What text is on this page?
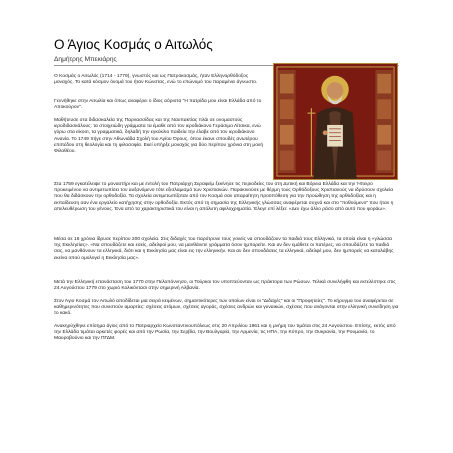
Ο Άγιος Κοσμάς ο Αιτωλός
Δημήτρης Μπεκιάρης

Ο Κοσμάς ο Αιτωλός (1714 - 1779), γνωστός και ως Πατροκοσμάς, ήταν Ελληνορθόδοξος μοναχός. Το κατά κόσμον όνομά του ήταν Κώνστας, ενώ το επώνυμό του παραμένει άγνωστο.

Γεννήθηκε στην Αιτωλία και όπως αναφέρει ο ίδιος αόριστα "Η πατρίδα μου είναι Ελλάδα από το Αποκούρον".

Μαθήτευσε στα διδασκαλεία της Παρνασσίδας και της Ναυπακτίας πλάι σε ονομαστούς ιεροδιδασκάλους: τα στοιχειώδη γράμματα τα έμαθε από τον ιεροδιάκονο Γεράσιμο Λίτσικα, ενώ γύρω στα είκοσι, τα γραμματικά, δηλαδή την εγκύκλιο παιδεία την έλαβε από τον ιεροδιάκονο Ανανία. Το 1749 πήγε στην Αθωνιάδα Σχολή του Αγίου Όρους, όπου έκανε σπουδές ανωτέρου επιπέδου στη θεολογία και τη φιλοσοφία. Εκεί υπήρξε μοναχός για δύο περίπου χρόνια στη μονή Φιλοθέου.

Στα 1759 εγκατέλειψε το μοναστήρι και με εντολή του Πατριάρχη Σεραφείμ ξεκίνησε τις περιοδείες του στη Δυτική και Βόρεια Ελλάδα και την Ήπειρο προκειμένου να αντιμετωπίσει τον αυξανόμενο τότε εξισλαμισμό των Χριστιανών. Παρακινούσε με θέρμη τους Ορθόδοξους Χριστιανούς να ιδρύσουν σχολεία που θα διδάσκουν την ορθοδοξία. Τα σχολεία αντιμετωπίζοταν από τον Κοσμά σαν απαραίτητη προϋπόθεση για την προώθηση της ορθοδοξίας και η εκπαίδευση σαν ένα εργαλείο κατήχησης στην ορθοδοξία. Εκτός από τη σημασία της Ελληνικής γλώσσας αναφέρεται συχνά και στο "ποθούμενο" που ήταν η απελευθέρωση του γένους. Ένα από τα χαρακτηριστικά του είναι η απόλυτη αφιλοχρηματία. Έλεγε επί λέξει: «Δεν έχω άλλο ράσο από αυτό που φοράω».

Μέσα σε 16 χρόνια ίδρυσε περίπου 200 σχολεία. Στις διδαχές του παρότρυνε τους γονείς να σπουδάζουν τα παιδιά τους Ελληνικά, τα οποία είναι η «γλώσσα της Εκκλησίας». «Να σπουδάζετε και εσείς, αδελφοί μου, να μανθάνετε γράμματα όσον ημπορείτε. Και αν δεν εμάθετε οι πατέρες, να σπουδάζετε τα παιδιά σας, να μανθάνουν τα ελληνικά, διότι και η Εκκλησία μας είναι εις την ελληνικήν. Και αν δεν σπουδάσεις τα ελληνικά, αδελφέ μου, δεν ημπορείς να καταλάβης εκείνα οπού ομολογεί η Εκκλησία μας».

Μετά την Ελληνική επανάσταση του 1770 στην Πελοπόννησο, οι Τούρκοι τον υποπτεύονταν ως πράκτορα των Ρώσων. Τελικά συνελήφθη και εκτελέστηκε στις 24 Αυγούστου 1779 στο χωριό Κολικόντασι στην σημερινή Αλβανία.

Στον Άγιο Κοσμά τον Αιτωλό αποδίδεται μια σειρά κειμένων, σημαντικότερες των οποίων είναι οι "Διδαχές" και οι "Προφητείες". Το κήρυγμα του αναφέρεται σε καθημερινότητες που συνιστούν αμαρτίες: σχέσεις ατόμων, σχέσεις αγοράς, σχέσεις ανδρών και γυναικών, σχέσεις που ανάγονται στην ελληνική συνείδηση για το κακό.

Ανακηρύχθηκε επίσημα άγιος από το Πατριαρχείο Κωνσταντινουπόλεως στις 20 Απριλίου 1961 και η μνήμη του τιμάται στις 24 Αυγούστου. Επίσης, εκτός από την Ελλάδα τιμάται αρκετές φορές και από την Ρωσία, την Σερβία, την Βουλγαρία, την Αρμενία, τις ΗΠΑ, την Κύπρο, την Ουκρανία, την Ρουμανία, το Μαυροβούνιο και την ΠΓΔΜ.
